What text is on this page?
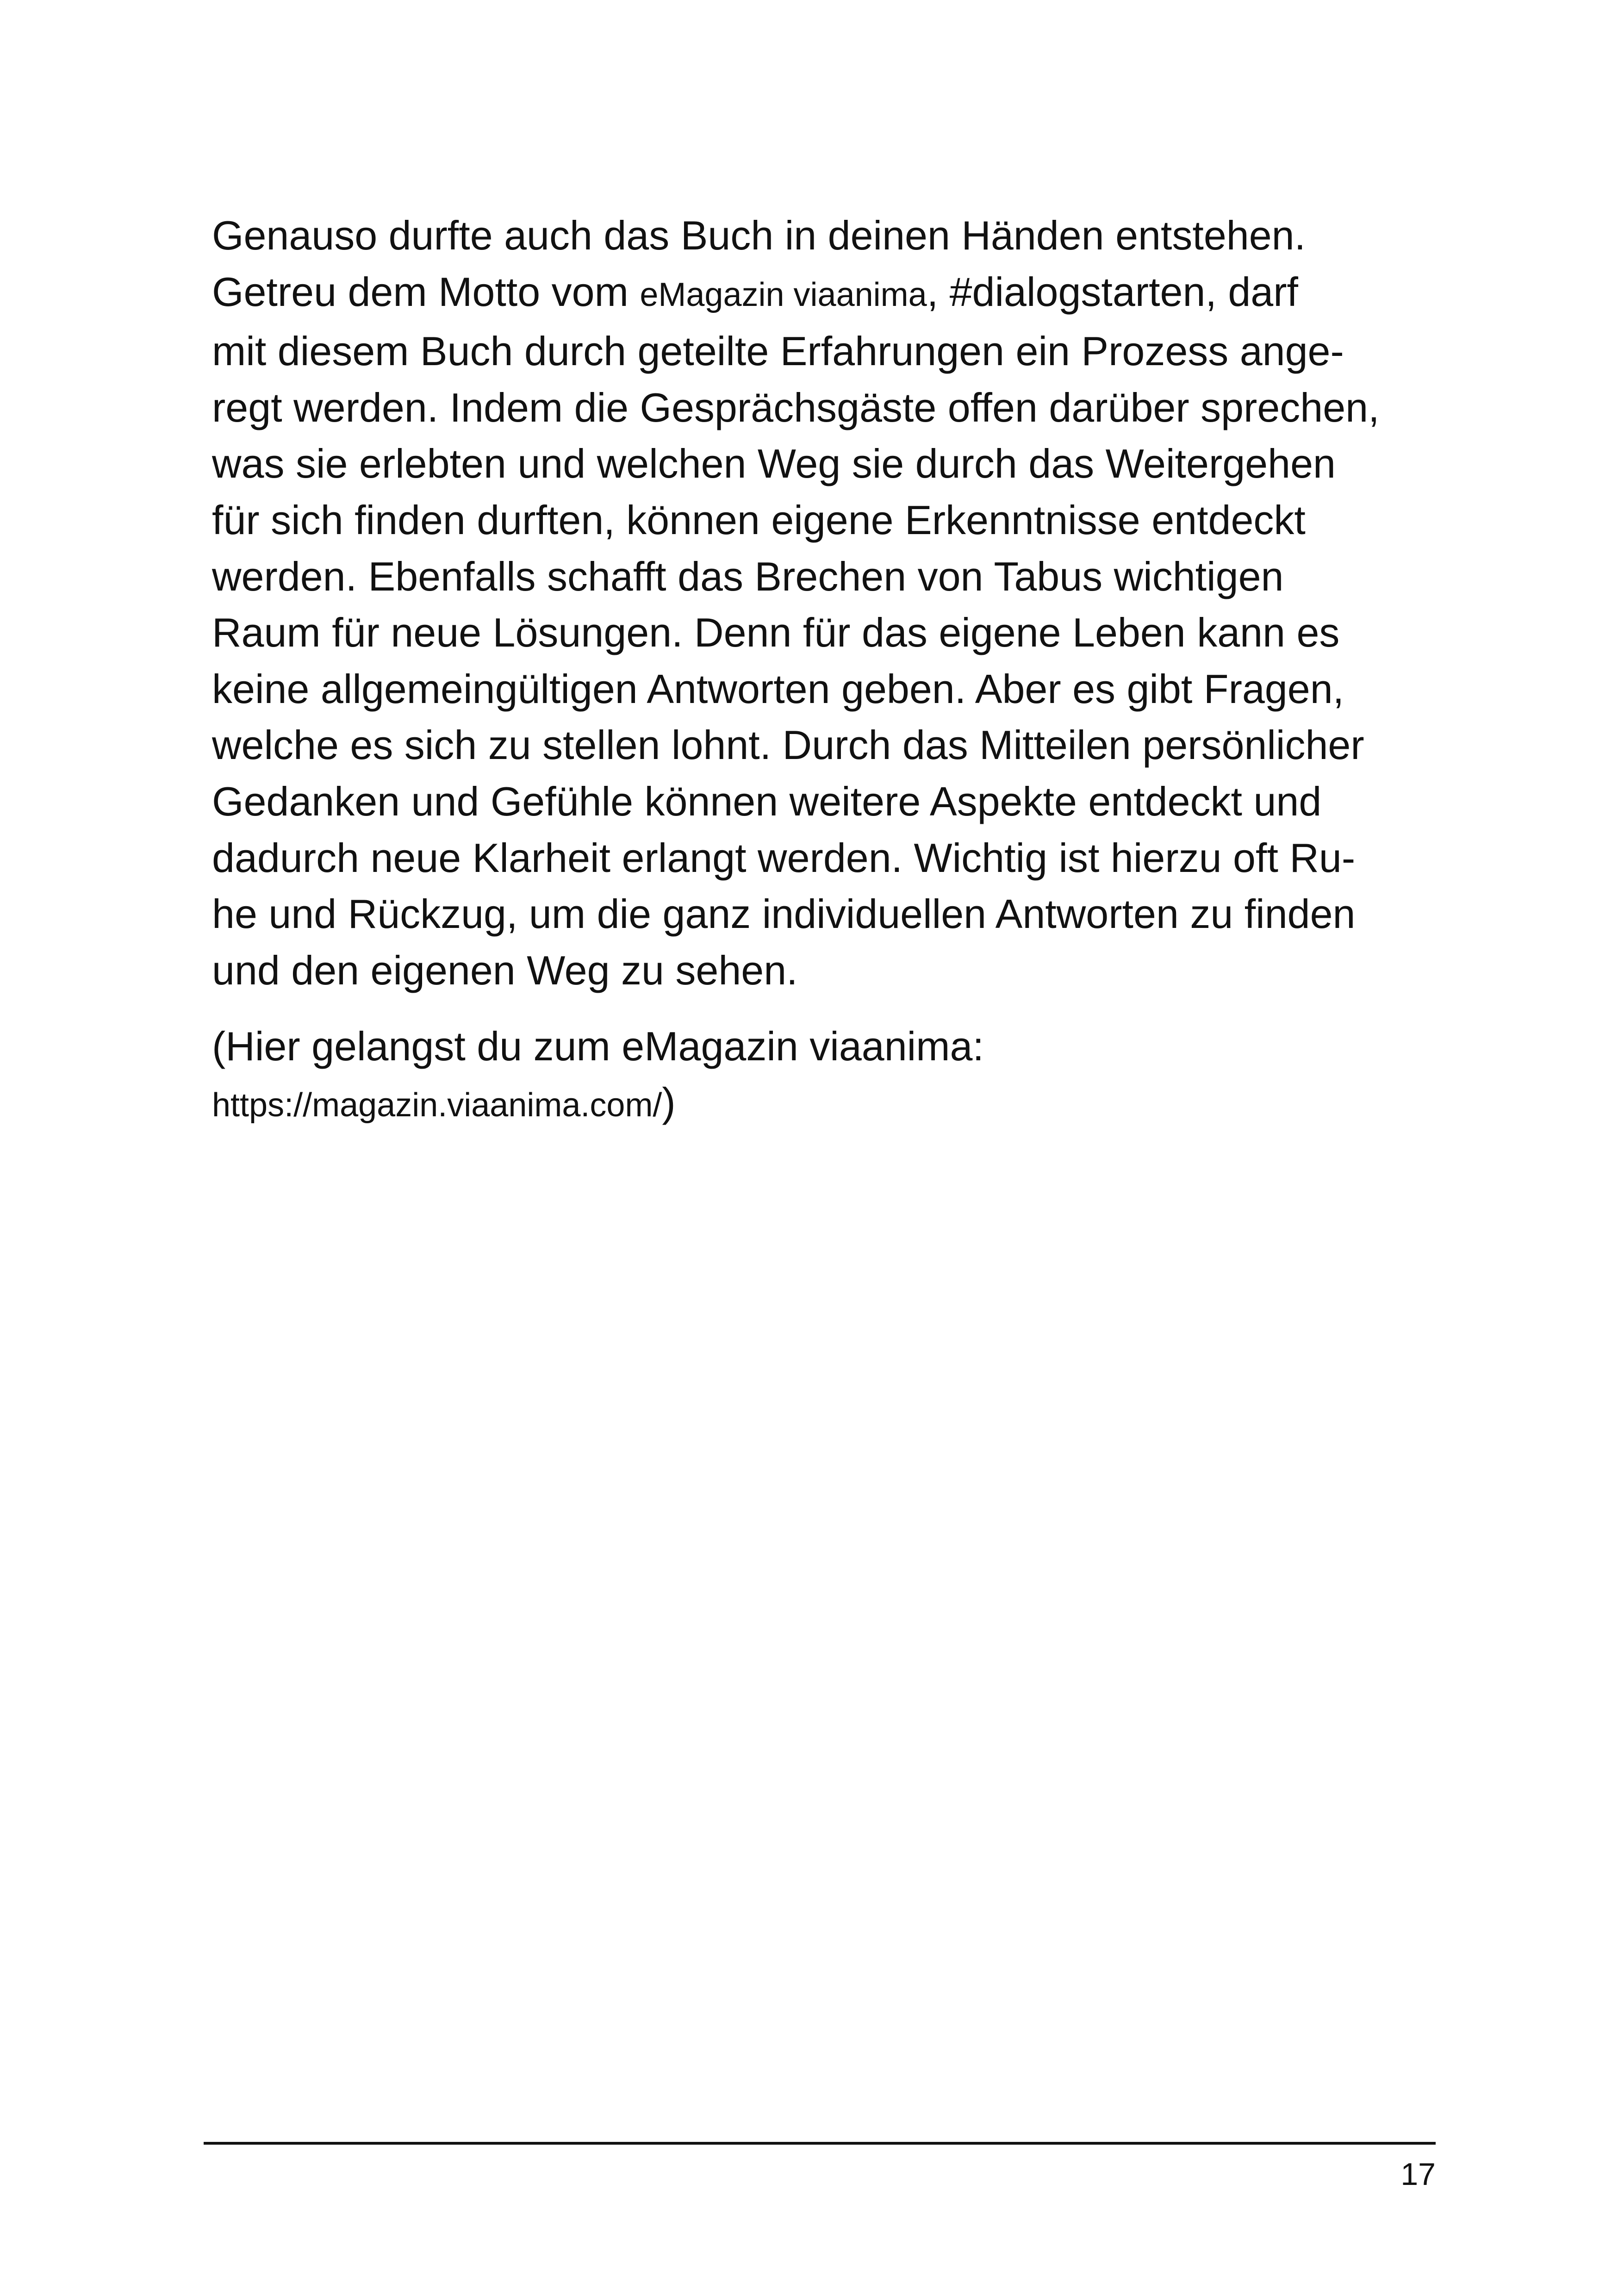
Genauso durfte auch das Buch in deinen Händen entstehen.
Getreu dem Motto vom eMagazin viaanima, #dialogstarten, darf
mit diesem Buch durch geteilte Erfahrungen ein Prozess ange-
regt werden. Indem die Gesprächsgäste offen darüber sprechen,
was sie erlebten und welchen Weg sie durch das Weitergehen
für sich finden durften, können eigene Erkenntnisse entdeckt
werden. Ebenfalls schafft das Brechen von Tabus wichtigen
Raum für neue Lösungen. Denn für das eigene Leben kann es
keine allgemeingültigen Antworten geben. Aber es gibt Fragen,
welche es sich zu stellen lohnt. Durch das Mitteilen persönlicher
Gedanken und Gefühle können weitere Aspekte entdeckt und
dadurch neue Klarheit erlangt werden. Wichtig ist hierzu oft Ru-
he und Rückzug, um die ganz individuellen Antworten zu finden
und den eigenen Weg zu sehen.
(Hier gelangst du zum eMagazin viaanima:
https://magazin.viaanima.com/)
17
